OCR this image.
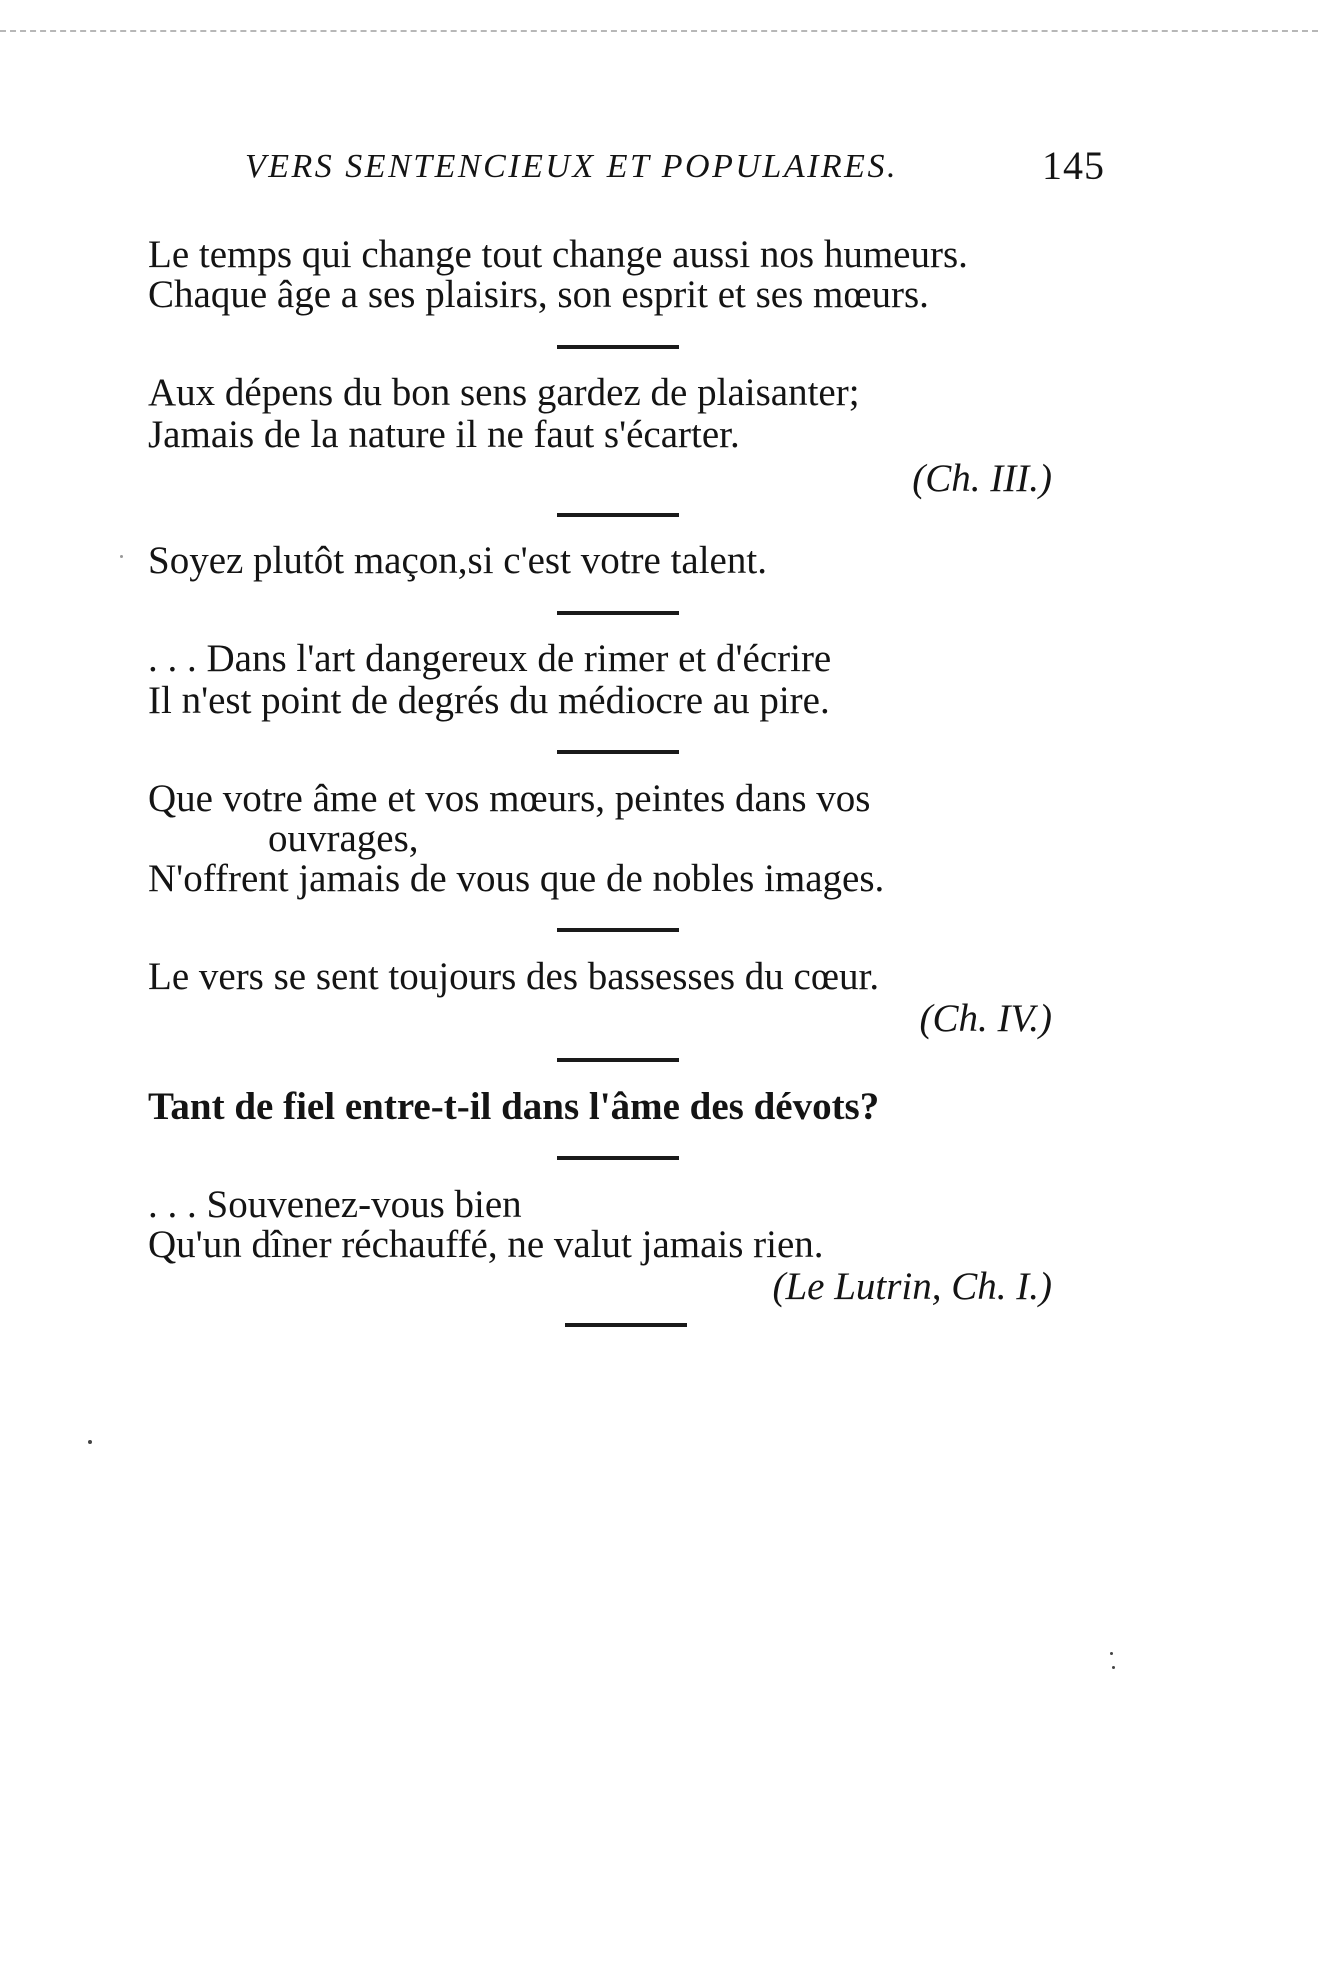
VERS SENTENCIEUX ET POPULAIRES.	145
Le temps qui change tout change aussi nos humeurs.
Chaque âge a ses plaisirs, son esprit et ses mœurs.
Aux dépens du bon sens gardez de plaisanter;
Jamais de la nature il ne faut s'écarter.
(Ch. III.)
Soyez plutôt maçon,si c'est votre talent.
. . . Dans l'art dangereux de rimer et d'écrire
Il n'est point de degrés du médiocre au pire.
Que votre âme et vos mœurs, peintes dans vos
ouvrages,
N'offrent jamais de vous que de nobles images.
Le vers se sent toujours des bassesses du cœur.
(Ch. IV.)
Tant de fiel entre-t-il dans l'âme des dévots?
. . . Souvenez-vous bien
Qu'un dîner réchauffé, ne valut jamais rien.
(Le Lutrin, Ch. I.)
